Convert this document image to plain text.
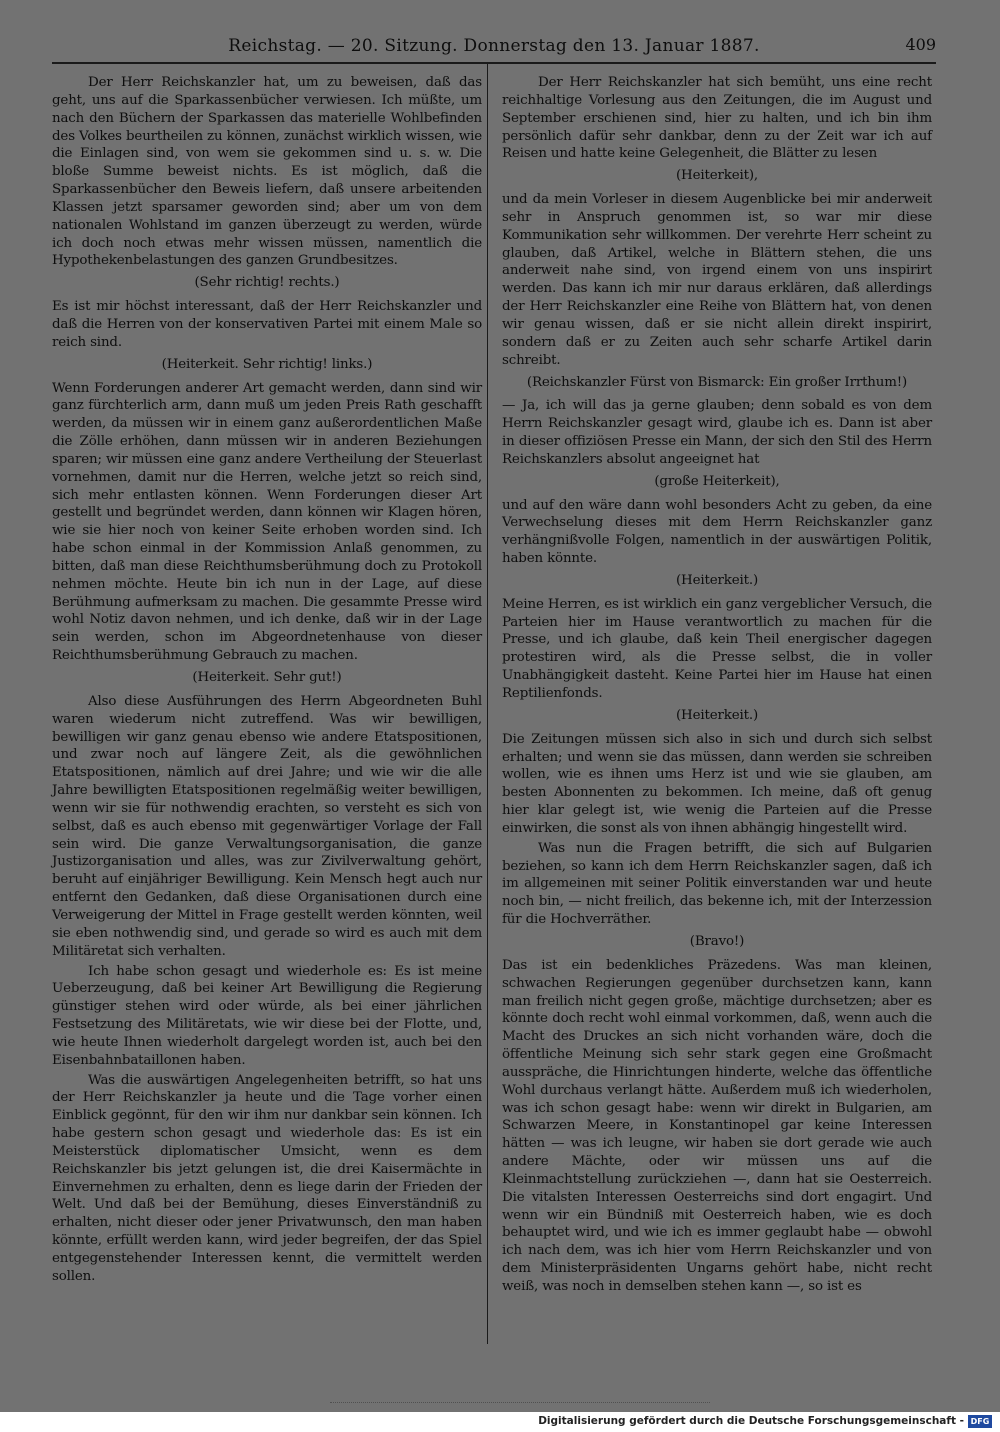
Reichstag. — 20. Sitzung. Donnerstag den 13. Januar 1887.	409

Der Herr Reichskanzler hat, um zu beweisen, daß das geht, uns auf die Sparkassenbücher verwiesen. Ich müßte, um nach den Büchern der Sparkassen das materielle Wohlbefinden des Volkes beurtheilen zu können, zunächst wirklich wissen, wie die Einlagen sind, von wem sie gekommen sind u. s. w. Die bloße Summe beweist nichts. Es ist möglich, daß die Sparkassenbücher den Beweis liefern, daß unsere arbeitenden Klassen jetzt sparsamer geworden sind; aber um von dem nationalen Wohlstand im ganzen überzeugt zu werden, würde ich doch noch etwas mehr wissen müssen, namentlich die Hypothekenbelastungen des ganzen Grundbesitzes.

(Sehr richtig! rechts.)

Es ist mir höchst interessant, daß der Herr Reichskanzler und daß die Herren von der konservativen Partei mit einem Male so reich sind.

(Heiterkeit. Sehr richtig! links.)

Wenn Forderungen anderer Art gemacht werden, dann sind wir ganz fürchterlich arm, dann muß um jeden Preis Rath geschafft werden, da müssen wir in einem ganz außerordentlichen Maße die Zölle erhöhen, dann müssen wir in anderen Beziehungen sparen; wir müssen eine ganz andere Vertheilung der Steuerlast vornehmen, damit nur die Herren, welche jetzt so reich sind, sich mehr entlasten können. Wenn Forderungen dieser Art gestellt und begründet werden, dann können wir Klagen hören, wie sie hier noch von keiner Seite erhoben worden sind. Ich habe schon einmal in der Kommission Anlaß genommen, zu bitten, daß man diese Reichthumsberühmung doch zu Protokoll nehmen möchte. Heute bin ich nun in der Lage, auf diese Berühmung aufmerksam zu machen. Die gesammte Presse wird wohl Notiz davon nehmen, und ich denke, daß wir in der Lage sein werden, schon im Abgeordnetenhause von dieser Reichthumsberühmung Gebrauch zu machen.

(Heiterkeit. Sehr gut!)

Also diese Ausführungen des Herrn Abgeordneten Buhl waren wiederum nicht zutreffend. Was wir bewilligen, bewilligen wir ganz genau ebenso wie andere Etatspositionen, und zwar noch auf längere Zeit, als die gewöhnlichen Etatspositionen, nämlich auf drei Jahre; und wie wir die alle Jahre bewilligten Etatspositionen regelmäßig weiter bewilligen, wenn wir sie für nothwendig erachten, so versteht es sich von selbst, daß es auch ebenso mit gegenwärtiger Vorlage der Fall sein wird. Die ganze Verwaltungsorganisation, die ganze Justizorganisation und alles, was zur Zivilverwaltung gehört, beruht auf einjähriger Bewilligung. Kein Mensch hegt auch nur entfernt den Gedanken, daß diese Organisationen durch eine Verweigerung der Mittel in Frage gestellt werden könnten, weil sie eben nothwendig sind, und gerade so wird es auch mit dem Militäretat sich verhalten.

Ich habe schon gesagt und wiederhole es: Es ist meine Ueberzeugung, daß bei keiner Art Bewilligung die Regierung günstiger stehen wird oder würde, als bei einer jährlichen Festsetzung des Militäretats, wie wir diese bei der Flotte, und, wie heute Ihnen wiederholt dargelegt worden ist, auch bei den Eisenbahnbataillonen haben.

Was die auswärtigen Angelegenheiten betrifft, so hat uns der Herr Reichskanzler ja heute und die Tage vorher einen Einblick gegönnt, für den wir ihm nur dankbar sein können. Ich habe gestern schon gesagt und wiederhole das: Es ist ein Meisterstück diplomatischer Umsicht, wenn es dem Reichskanzler bis jetzt gelungen ist, die drei Kaisermächte in Einvernehmen zu erhalten, denn es liege darin der Frieden der Welt. Und daß bei der Bemühung, dieses Einverständniß zu erhalten, nicht dieser oder jener Privatwunsch, den man haben könnte, erfüllt werden kann, wird jeder begreifen, der das Spiel entgegenstehender Interessen kennt, die vermittelt werden sollen.

Der Herr Reichskanzler hat sich bemüht, uns eine recht reichhaltige Vorlesung aus den Zeitungen, die im August und September erschienen sind, hier zu halten, und ich bin ihm persönlich dafür sehr dankbar, denn zu der Zeit war ich auf Reisen und hatte keine Gelegenheit, die Blätter zu lesen

(Heiterkeit),

und da mein Vorleser in diesem Augenblicke bei mir anderweit sehr in Anspruch genommen ist, so war mir diese Kommunikation sehr willkommen. Der verehrte Herr scheint zu glauben, daß Artikel, welche in Blättern stehen, die uns anderweit nahe sind, von irgend einem von uns inspirirt werden. Das kann ich mir nur daraus erklären, daß allerdings der Herr Reichskanzler eine Reihe von Blättern hat, von denen wir genau wissen, daß er sie nicht allein direkt inspirirt, sondern daß er zu Zeiten auch sehr scharfe Artikel darin schreibt.

(Reichskanzler Fürst von Bismarck: Ein großer Irrthum!)

— Ja, ich will das ja gerne glauben; denn sobald es von dem Herrn Reichskanzler gesagt wird, glaube ich es. Dann ist aber in dieser offiziösen Presse ein Mann, der sich den Stil des Herrn Reichskanzlers absolut angeeignet hat

(große Heiterkeit),

und auf den wäre dann wohl besonders Acht zu geben, da eine Verwechselung dieses mit dem Herrn Reichskanzler ganz verhängnißvolle Folgen, namentlich in der auswärtigen Politik, haben könnte.

(Heiterkeit.)

Meine Herren, es ist wirklich ein ganz vergeblicher Versuch, die Parteien hier im Hause verantwortlich zu machen für die Presse, und ich glaube, daß kein Theil energischer dagegen protestiren wird, als die Presse selbst, die in voller Unabhängigkeit dasteht. Keine Partei hier im Hause hat einen Reptilienfonds.

(Heiterkeit.)

Die Zeitungen müssen sich also in sich und durch sich selbst erhalten; und wenn sie das müssen, dann werden sie schreiben wollen, wie es ihnen ums Herz ist und wie sie glauben, am besten Abonnenten zu bekommen. Ich meine, daß oft genug hier klar gelegt ist, wie wenig die Parteien auf die Presse einwirken, die sonst als von ihnen abhängig hingestellt wird.

Was nun die Fragen betrifft, die sich auf Bulgarien beziehen, so kann ich dem Herrn Reichskanzler sagen, daß ich im allgemeinen mit seiner Politik einverstanden war und heute noch bin, — nicht freilich, das bekenne ich, mit der Interzession für die Hochverräther.

(Bravo!)

Das ist ein bedenkliches Präzedens. Was man kleinen, schwachen Regierungen gegenüber durchsetzen kann, kann man freilich nicht gegen große, mächtige durchsetzen; aber es könnte doch recht wohl einmal vorkommen, daß, wenn auch die Macht des Druckes an sich nicht vorhanden wäre, doch die öffentliche Meinung sich sehr stark gegen eine Großmacht ausspräche, die Hinrichtungen hinderte, welche das öffentliche Wohl durchaus verlangt hätte. Außerdem muß ich wiederholen, was ich schon gesagt habe: wenn wir direkt in Bulgarien, am Schwarzen Meere, in Konstantinopel gar keine Interessen hätten — was ich leugne, wir haben sie dort gerade wie auch andere Mächte, oder wir müssen uns auf die Kleinmachtstellung zurückziehen —, dann hat sie Oesterreich. Die vitalsten Interessen Oesterreichs sind dort engagirt. Und wenn wir ein Bündniß mit Oesterreich haben, wie es doch behauptet wird, und wie ich es immer geglaubt habe — obwohl ich nach dem, was ich hier vom Herrn Reichskanzler und von dem Ministerpräsidenten Ungarns gehört habe, nicht recht weiß, was noch in demselben stehen kann —, so ist es

Digitalisierung gefördert durch die Deutsche Forschungsgemeinschaft - DFG
